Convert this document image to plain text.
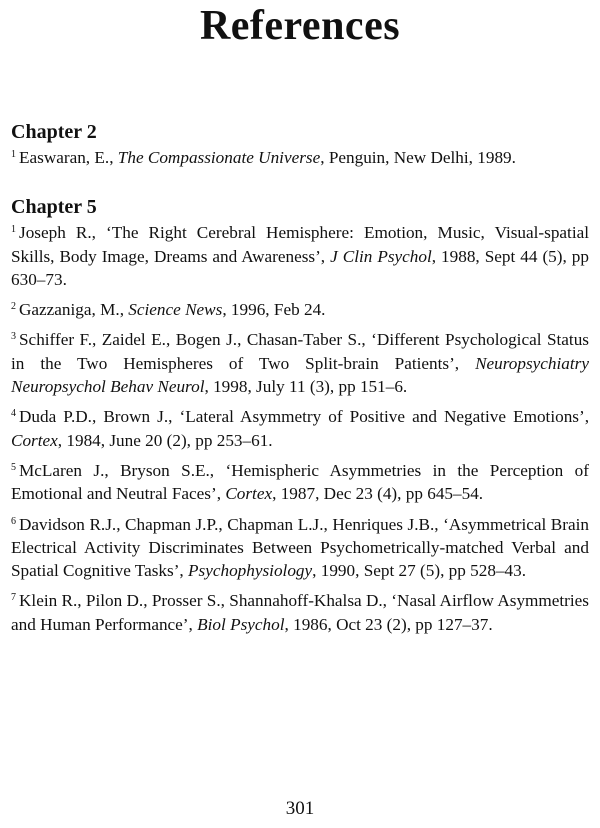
References
Chapter 2

$^1$ Easwaran, E., The Compassionate Universe, Penguin, New Delhi, 1989.

Chapter 5

$^1$ Joseph R., ‘The Right Cerebral Hemisphere: Emotion, Music, Visual-spatial Skills, Body Image, Dreams and Awareness’, J Clin Psychol, 1988, Sept 44 (5), pp 630–73.

$^2$ Gazzaniga, M., Science News, 1996, Feb 24.

$^3$ Schiffer F., Zaidel E., Bogen J., Chasan-Taber S., ‘Different Psychological Status in the Two Hemispheres of Two Split-brain Patients’, Neuropsychiatry Neuropsychol Behav Neurol, 1998, July 11 (3), pp 151–6.

$^4$ Duda P.D., Brown J., ‘Lateral Asymmetry of Positive and Negative Emotions’, Cortex, 1984, June 20 (2), pp 253–61.

$^5$ McLaren J., Bryson S.E., ‘Hemispheric Asymmetries in the Perception of Emotional and Neutral Faces’, Cortex, 1987, Dec 23 (4), pp 645–54.

$^6$ Davidson R.J., Chapman J.P., Chapman L.J., Henriques J.B., ‘Asymmetrical Brain Electrical Activity Discriminates Between Psychometrically-matched Verbal and Spatial Cognitive Tasks’, Psychophysiology, 1990, Sept 27 (5), pp 528–43.

$^7$ Klein R., Pilon D., Prosser S., Shannahoff-Khalsa D., ‘Nasal Airflow Asymmetries and Human Performance’, Biol Psychol, 1986, Oct 23 (2), pp 127–37.

301
